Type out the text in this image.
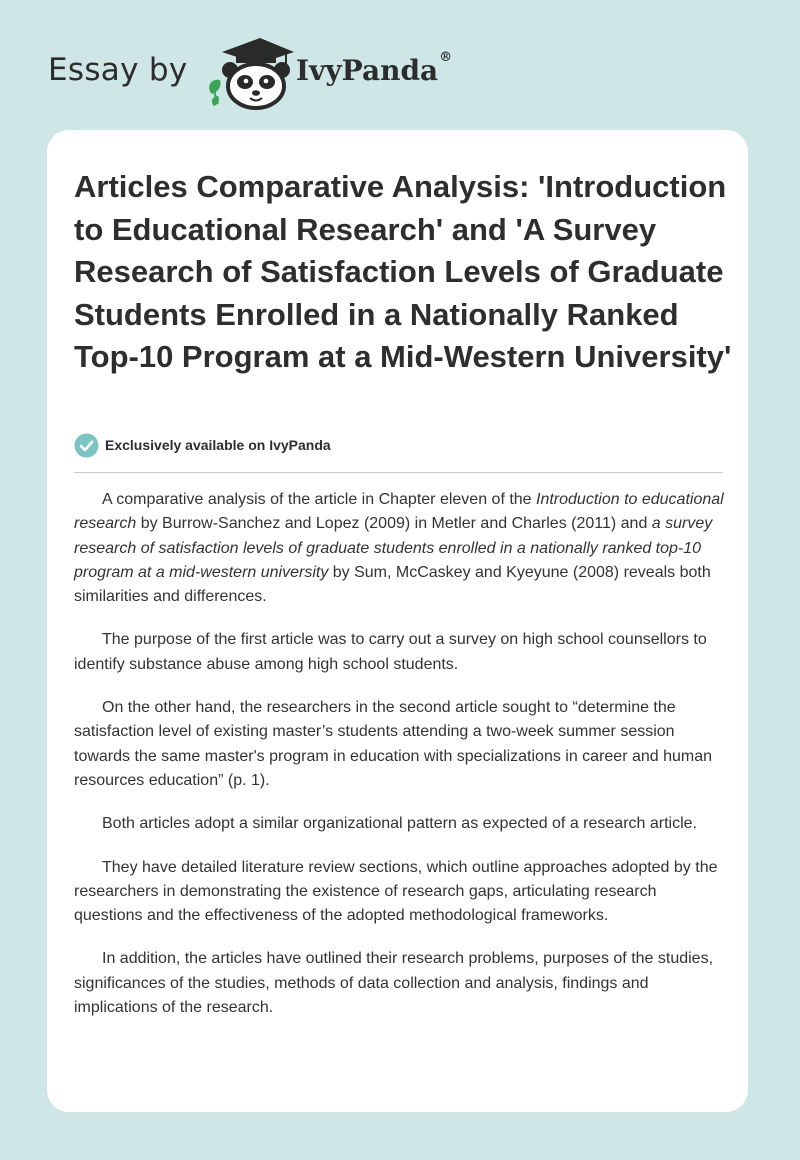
Essay by	IvyPanda®
Articles Comparative Analysis: 'Introduction to Educational Research' and 'A Survey Research of Satisfaction Levels of Graduate Students Enrolled in a Nationally Ranked Top-10 Program at a Mid-Western University'
Exclusively available on IvyPanda

A comparative analysis of the article in Chapter eleven of the Introduction to educational research by Burrow-Sanchez and Lopez (2009) in Metler and Charles (2011) and a survey research of satisfaction levels of graduate students enrolled in a nationally ranked top-10 program at a mid-western university by Sum, McCaskey and Kyeyune (2008) reveals both similarities and differences.

The purpose of the first article was to carry out a survey on high school counsellors to identify substance abuse among high school students.

On the other hand, the researchers in the second article sought to “determine the satisfaction level of existing master’s students attending a two-week summer session towards the same master's program in education with specializations in career and human resources education” (p. 1).

Both articles adopt a similar organizational pattern as expected of a research article.

They have detailed literature review sections, which outline approaches adopted by the researchers in demonstrating the existence of research gaps, articulating research questions and the effectiveness of the adopted methodological frameworks.

In addition, the articles have outlined their research problems, purposes of the studies, significances of the studies, methods of data collection and analysis, findings and implications of the research.
